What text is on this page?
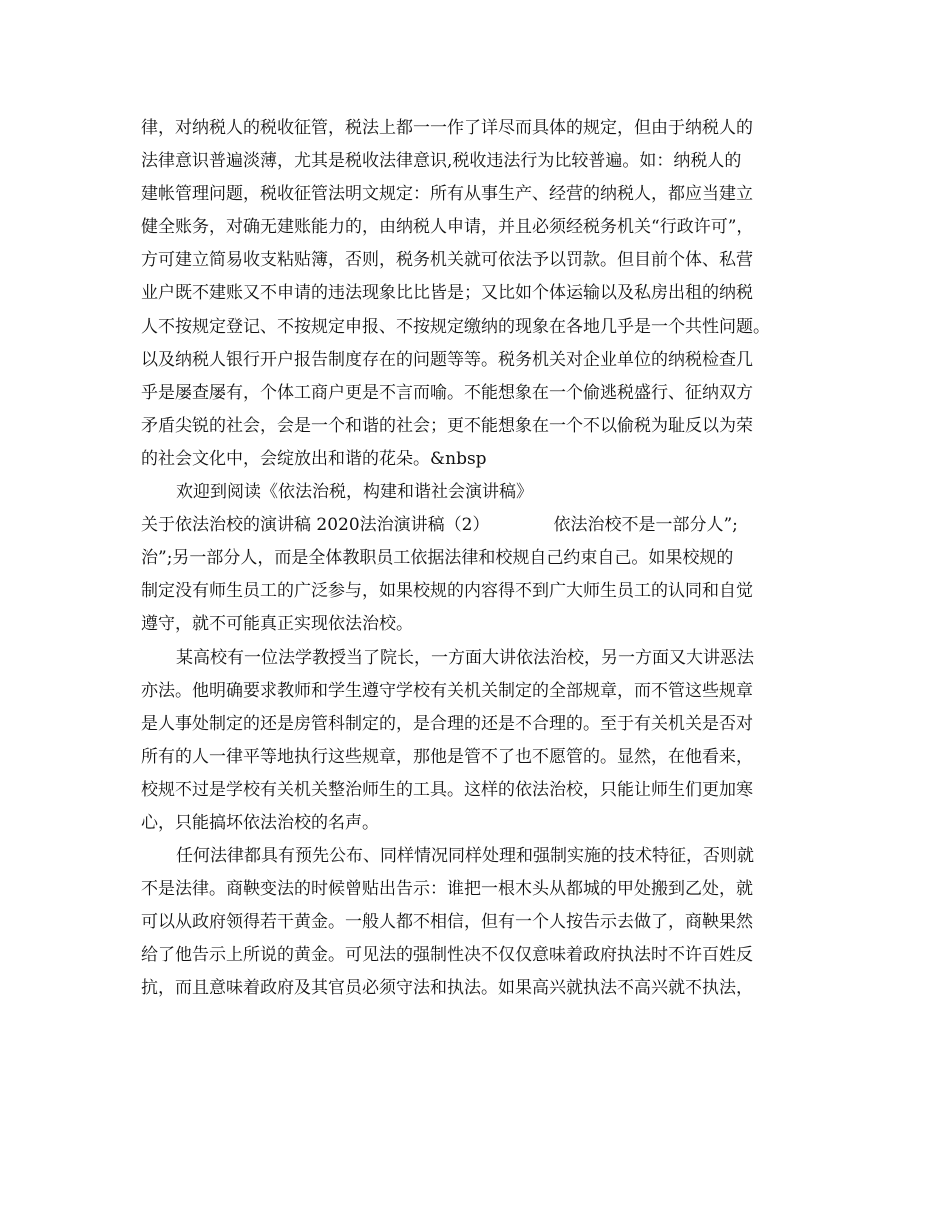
律，对纳税人的税收征管，税法上都一一作了详尽而具体的规定，但由于纳税人的
法律意识普遍淡薄，尤其是税收法律意识,税收违法行为比较普遍。如：纳税人的
建帐管理问题，税收征管法明文规定：所有从事生产、经营的纳税人，都应当建立
健全账务，对确无建账能力的，由纳税人申请，并且必须经税务机关“行政许可”，
方可建立简易收支粘贴簿，否则，税务机关就可依法予以罚款。但目前个体、私营
业户既不建账又不申请的违法现象比比皆是；又比如个体运输以及私房出租的纳税
人不按规定登记、不按规定申报、不按规定缴纳的现象在各地几乎是一个共性问题。
以及纳税人银行开户报告制度存在的问题等等。税务机关对企业单位的纳税检查几
乎是屡查屡有，个体工商户更是不言而喻。不能想象在一个偷逃税盛行、征纳双方
矛盾尖锐的社会，会是一个和谐的社会；更不能想象在一个不以偷税为耻反以为荣
的社会文化中，会绽放出和谐的花朵。&nbsp
欢迎到阅读《依法治税，构建和谐社会演讲稿》
关于依法治校的演讲稿 2020法治演讲稿（2）	依法治校不是一部分人”;
治”;另一部分人，而是全体教职员工依据法律和校规自己约束自己。如果校规的
制定没有师生员工的广泛参与，如果校规的内容得不到广大师生员工的认同和自觉
遵守，就不可能真正实现依法治校。
某高校有一位法学教授当了院长，一方面大讲依法治校，另一方面又大讲恶法
亦法。他明确要求教师和学生遵守学校有关机关制定的全部规章，而不管这些规章
是人事处制定的还是房管科制定的，是合理的还是不合理的。至于有关机关是否对
所有的人一律平等地执行这些规章，那他是管不了也不愿管的。显然，在他看来，
校规不过是学校有关机关整治师生的工具。这样的依法治校，只能让师生们更加寒
心，只能搞坏依法治校的名声。
任何法律都具有预先公布、同样情况同样处理和强制实施的技术特征，否则就
不是法律。商鞅变法的时候曾贴出告示：谁把一根木头从都城的甲处搬到乙处，就
可以从政府领得若干黄金。一般人都不相信，但有一个人按告示去做了，商鞅果然
给了他告示上所说的黄金。可见法的强制性决不仅仅意味着政府执法时不许百姓反
抗，而且意味着政府及其官员必须守法和执法。如果高兴就执法不高兴就不执法，
